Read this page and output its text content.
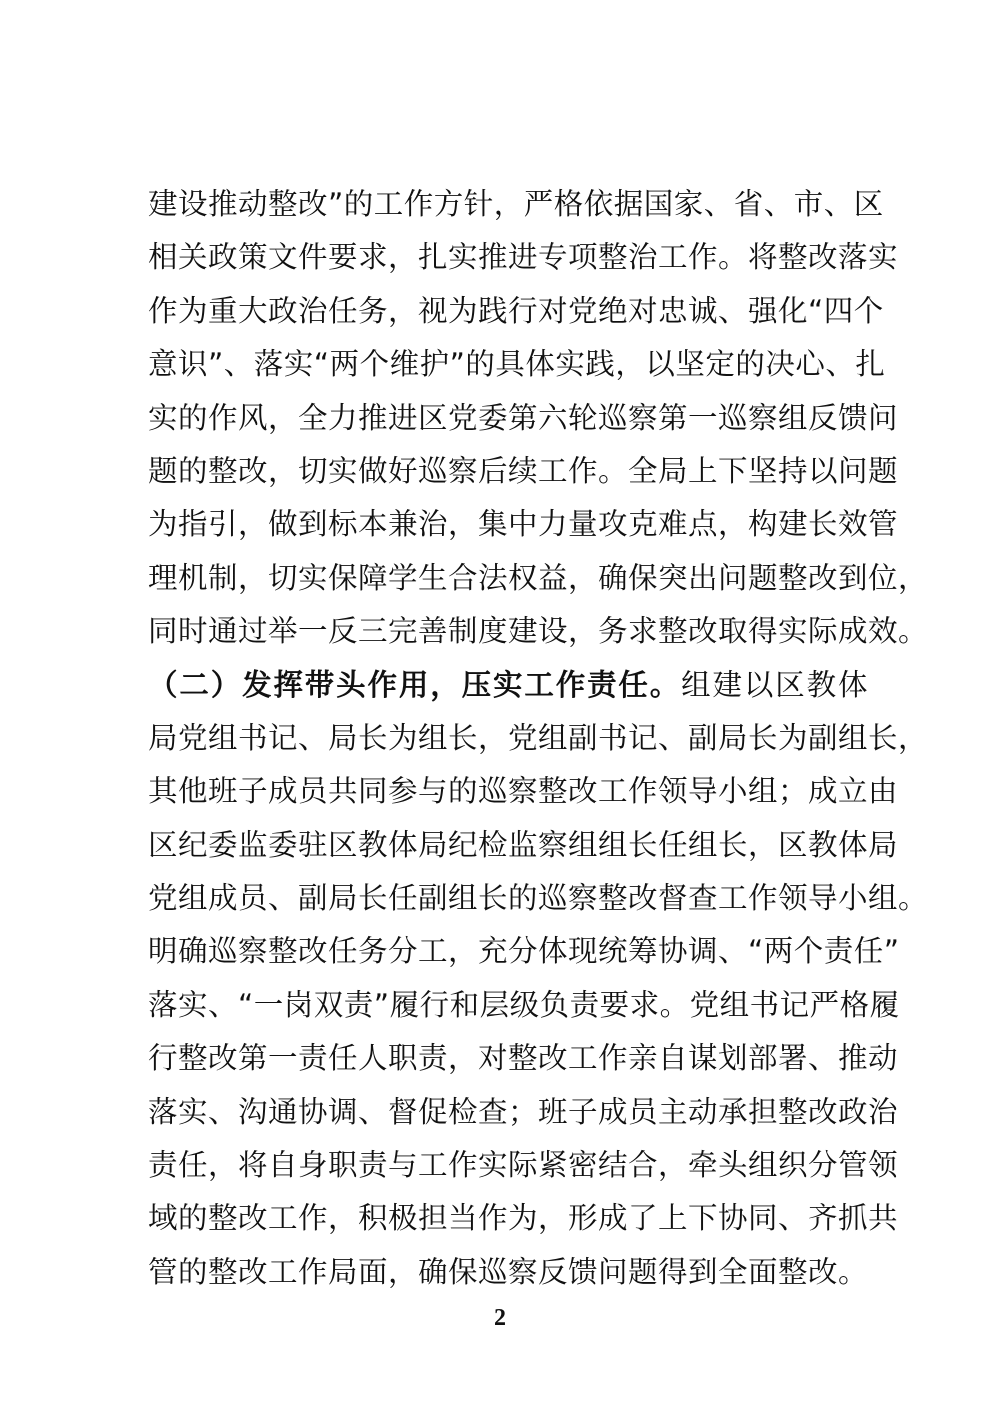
建设推动整改”的工作方针，严格依据国家、省、市、区
相关政策文件要求，扎实推进专项整治工作。将整改落实
作为重大政治任务，视为践行对党绝对忠诚、强化“四个
意识”、落实“两个维护”的具体实践，以坚定的决心、扎
实的作风，全力推进区党委第六轮巡察第一巡察组反馈问
题的整改，切实做好巡察后续工作。全局上下坚持以问题
为指引，做到标本兼治，集中力量攻克难点，构建长效管
理机制，切实保障学生合法权益，确保突出问题整改到位，
同时通过举一反三完善制度建设，务求整改取得实际成效。
（二）发挥带头作用，压实工作责任。组建以区教体
局党组书记、局长为组长，党组副书记、副局长为副组长，
其他班子成员共同参与的巡察整改工作领导小组；成立由
区纪委监委驻区教体局纪检监察组组长任组长，区教体局
党组成员、副局长任副组长的巡察整改督查工作领导小组。
明确巡察整改任务分工，充分体现统筹协调、“两个责任”
落实、“一岗双责”履行和层级负责要求。党组书记严格履
行整改第一责任人职责，对整改工作亲自谋划部署、推动
落实、沟通协调、督促检查；班子成员主动承担整改政治
责任，将自身职责与工作实际紧密结合，牵头组织分管领
域的整改工作，积极担当作为，形成了上下协同、齐抓共
管的整改工作局面，确保巡察反馈问题得到全面整改。
2
